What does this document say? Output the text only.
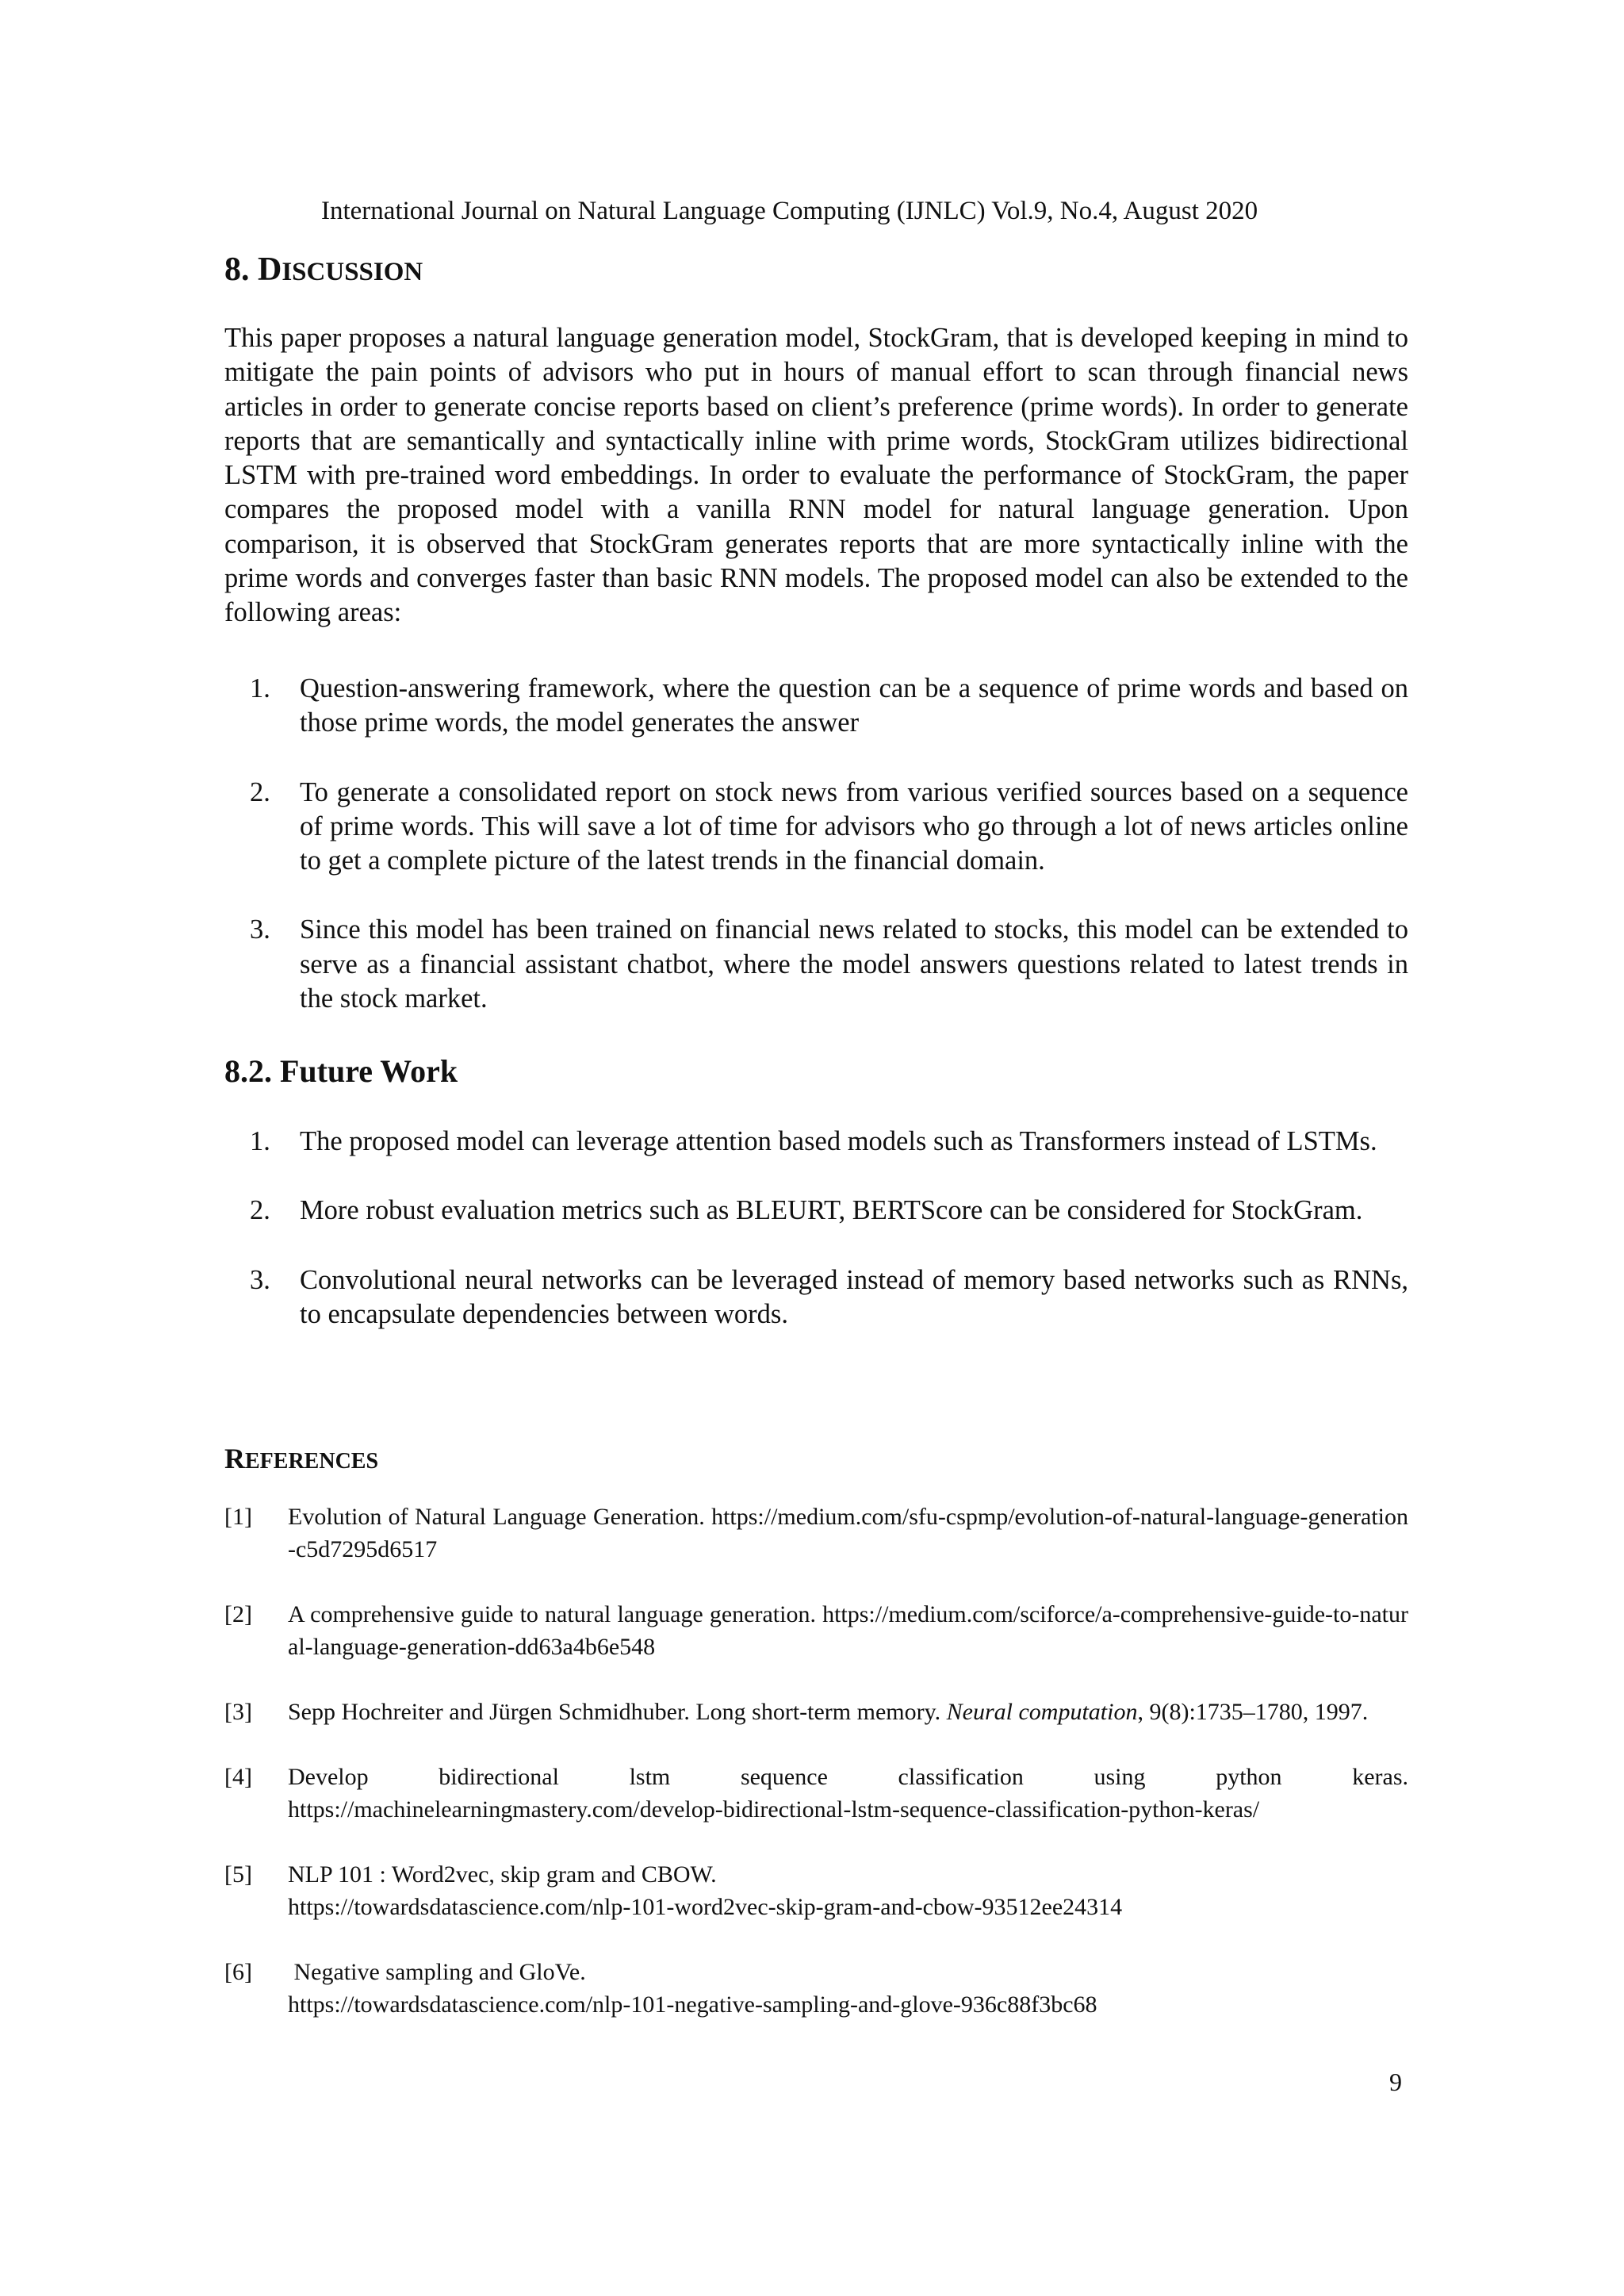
International Journal on Natural Language Computing (IJNLC) Vol.9, No.4, August 2020
8. DISCUSSION

This paper proposes a natural language generation model, StockGram, that is developed keeping in mind to mitigate the pain points of advisors who put in hours of manual effort to scan through financial news articles in order to generate concise reports based on client’s preference (prime words). In order to generate reports that are semantically and syntactically inline with prime words, StockGram utilizes bidirectional LSTM with pre-trained word embeddings. In order to evaluate the performance of StockGram, the paper compares the proposed model with a vanilla RNN model for natural language generation. Upon comparison, it is observed that StockGram generates reports that are more syntactically inline with the prime words and converges faster than basic RNN models. The proposed model can also be extended to the following areas:

1. Question-answering framework, where the question can be a sequence of prime words and based on those prime words, the model generates the answer
2. To generate a consolidated report on stock news from various verified sources based on a sequence of prime words. This will save a lot of time for advisors who go through a lot of news articles online to get a complete picture of the latest trends in the financial domain.
3. Since this model has been trained on financial news related to stocks, this model can be extended to serve as a financial assistant chatbot, where the model answers questions related to latest trends in the stock market.
8.2. Future Work
1. The proposed model can leverage attention based models such as Transformers instead of LSTMs.
2. More robust evaluation metrics such as BLEURT, BERTScore can be considered for StockGram.
3. Convolutional neural networks can be leveraged instead of memory based networks such as RNNs, to encapsulate dependencies between words.
REFERENCES
[1] Evolution of Natural Language Generation. https://medium.com/sfu-cspmp/evolution-of-natural-language-generation-c5d7295d6517
[2] A comprehensive guide to natural language generation. https://medium.com/sciforce/a-comprehensive-guide-to-natural-language-generation-dd63a4b6e548
[3] Sepp Hochreiter and Jürgen Schmidhuber. Long short-term memory. Neural computation, 9(8):1735–1780, 1997.
[4] Develop bidirectional lstm sequence classification using python keras.
https://machinelearningmastery.com/develop-bidirectional-lstm-sequence-classification-python-keras/
[5] NLP 101 : Word2vec, skip gram and CBOW.
https://towardsdatascience.com/nlp-101-word2vec-skip-gram-and-cbow-93512ee24314
[6] Negative sampling and GloVe.
https://towardsdatascience.com/nlp-101-negative-sampling-and-glove-936c88f3bc68
9
